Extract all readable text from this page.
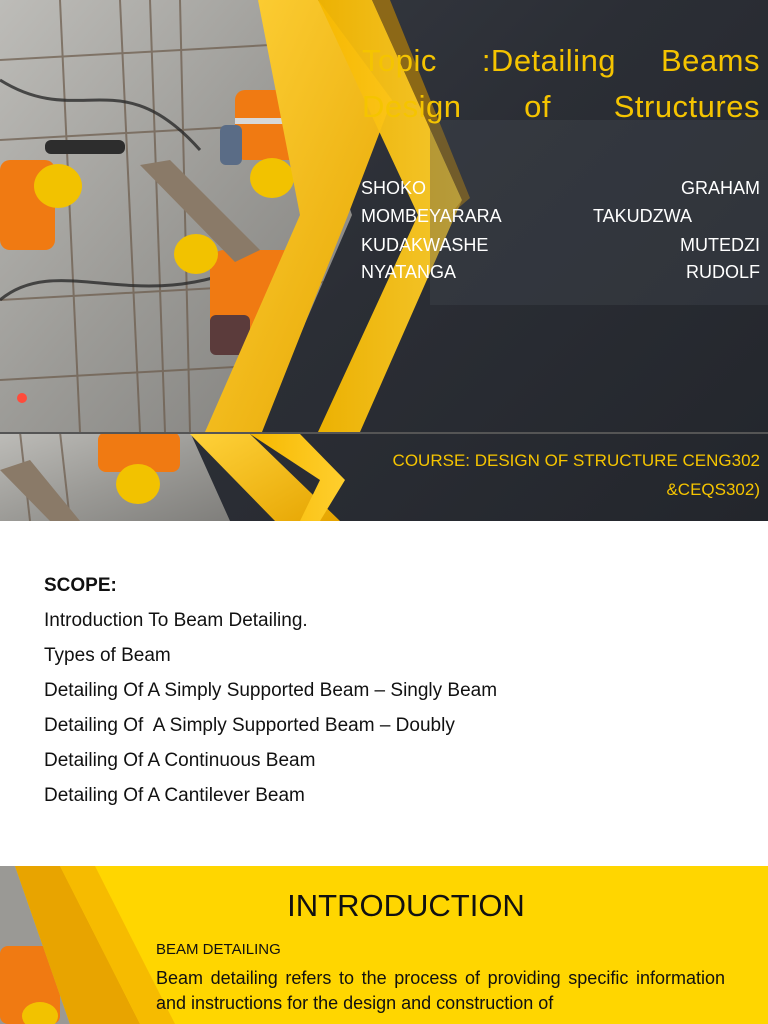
Topic :Detailing Beams
Design of Structures
SHOKO	GRAHAM
MOMBEYARARA	TAKUDZWA
KUDAKWASHE	MUTEDZI
NYATANGA	RUDOLF
COURSE: DESIGN OF STRUCTURE CENG302
&CEQS302)
SCOPE:
Introduction To Beam Detailing.
Types of Beam
Detailing Of A Simply Supported Beam – Singly Beam
Detailing Of  A Simply Supported Beam – Doubly
Detailing Of A Continuous Beam
Detailing Of A Cantilever Beam
INTRODUCTION
BEAM DETAILING
Beam detailing refers to the process of providing specific information and instructions for the design and construction of
